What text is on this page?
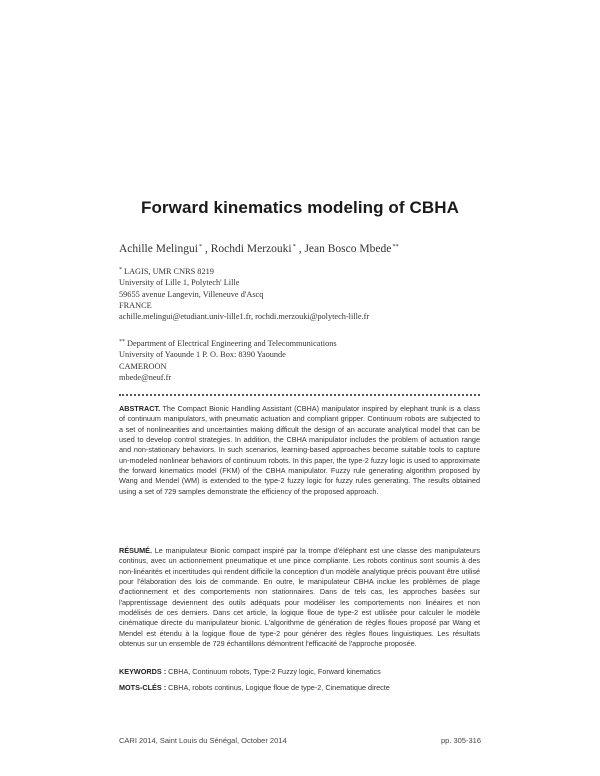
Forward kinematics modeling of CBHA
Achille Melingui* , Rochdi Merzouki* , Jean Bosco Mbede**
* LAGIS, UMR CNRS 8219
University of Lille 1, Polytech' Lille
59655 avenue Langevin, Villeneuve d'Ascq
FRANCE
achille.melingui@etudiant.univ-lille1.fr, rochdi.merzouki@polytech-lille.fr
** Department of Electrical Engineering and Telecommunications
University of Yaounde 1 P. O. Box: 8390 Yaounde
CAMEROON
mbede@neuf.fr
ABSTRACT. The Compact Bionic Handling Assistant (CBHA) manipulator inspired by elephant trunk is a class of continuum manipulators, with pneumatic actuation and compliant gripper. Continuum robots are subjected to a set of nonlinearities and uncertainties making difficult the design of an accurate analytical model that can be used to develop control strategies. In addition, the CBHA manipulator includes the problem of actuation range and non-stationary behaviors. In such scenarios, learning-based approaches become suitable tools to capture un-modeled nonlinear behaviors of continuum robots. In this paper, the type-2 fuzzy logic is used to approximate the forward kinematics model (FKM) of the CBHA manipulator. Fuzzy rule generating algorithm proposed by Wang and Mendel (WM) is extended to the type-2 fuzzy logic for fuzzy rules generating. The results obtained using a set of 729 samples demonstrate the efficiency of the proposed approach.
RÉSUMÉ. Le manipulateur Bionic compact inspiré par la trompe d'éléphant est une classe des manipulateurs continus, avec un actionnement pneumatique et une pince compliante. Les robots continus sont soumis à des non-linéarités et incertitudes qui rendent difficile la conception d'un modèle analytique précis pouvant être utilisé pour l'élaboration des lois de commande. En outre, le manipulateur CBHA inclue les problèmes de plage d'actionnement et des comportements non stationnaires. Dans de tels cas, les approches basées sur l'apprentissage deviennent des outils adéquats pour modéliser les comportements non linéaires et non modélisés de ces derniers. Dans cet article, la logique floue de type-2 est utilisée pour calculer le modèle cinématique directe du manipulateur bionic. L'algorithme de génération de règles floues proposé par Wang et Mendel est étendu à la logique floue de type-2 pour générer des règles floues linguistiques. Les résultats obtenus sur un ensemble de 729 échantillons démontrent l'efficacité de l'approche proposée.
KEYWORDS : CBHA, Continuum robots, Type-2 Fuzzy logic, Forward kinematics
MOTS-CLÉS : CBHA, robots continus, Logique floue de type-2, Cinematique directe
CARI 2014, Saint Louis du Sénégal, October 2014	pp. 305-316
